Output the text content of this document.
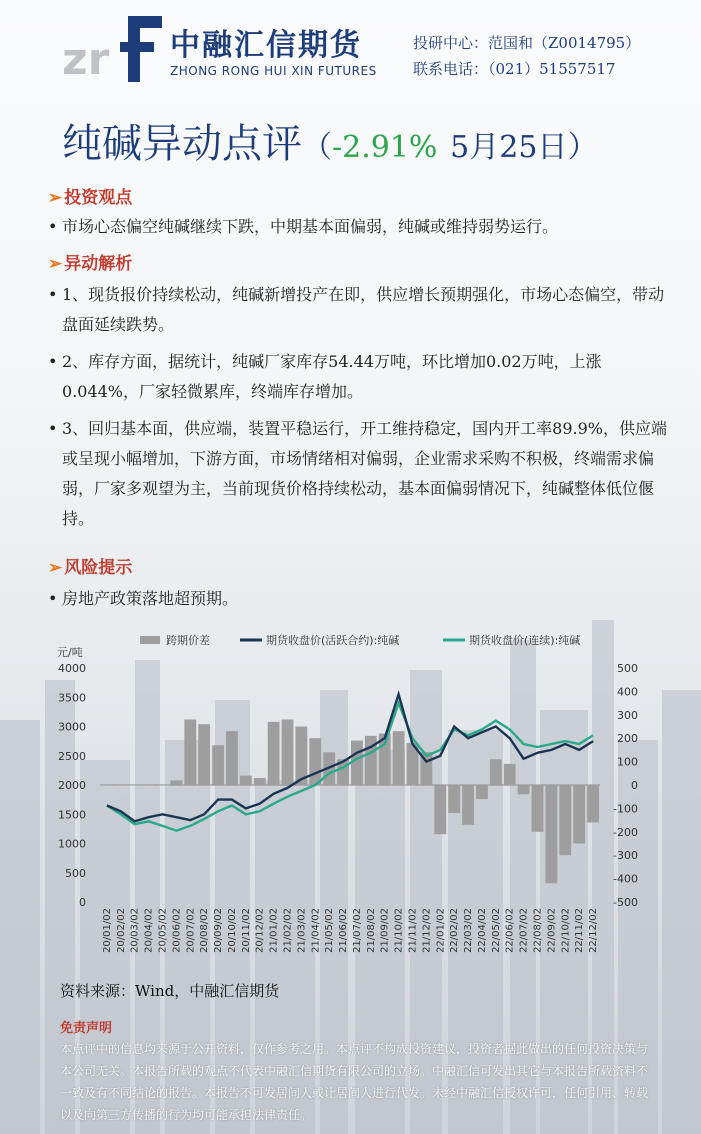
zr 中融汇信期货
ZHONG RONG HUI XIN FUTURES
投研中心：范国和（Z0014795）
联系电话：（021）51557517
纯碱异动点评（-2.91% 5月25日）
➢ 投资观点
• 市场心态偏空纯碱继续下跌，中期基本面偏弱，纯碱或维持弱势运行。
➢ 异动解析
• 1、现货报价持续松动，纯碱新增投产在即，供应增长预期强化，市场心态偏空，带动盘面延续跌势。
• 2、库存方面，据统计，纯碱厂家库存54.44万吨，环比增加0.02万吨，上涨0.044%，厂家轻微累库，终端库存增加。
• 3、回归基本面，供应端，装置平稳运行，开工维持稳定，国内开工率89.9%，供应端或呈现小幅增加，下游方面，市场情绪相对偏弱，企业需求采购不积极，终端需求偏弱，厂家多观望为主，当前现货价格持续松动，基本面偏弱情况下，纯碱整体低位偃持。
➢ 风险提示
• 房地产政策落地超预期。
元/吨
0
500
1000
1500
2000
2500
3000
3500
4000	500
400
300
200
100
0
-100
-200
-300
-400
-500
20/01/02 20/02/02 20/03/02 20/04/02 20/05/02 20/06/02 20/07/02 20/08/02 20/09/02 20/10/02 20/11/02 20/12/02 21/01/02 21/02/02 21/03/02 21/04/02 21/05/02 21/06/02 21/07/02 21/08/02 21/09/02 21/10/02 21/11/02 21/12/02 22/01/02 22/02/02 22/03/02 22/04/02 22/05/02 22/06/02 22/07/02 22/08/02 22/09/02 22/10/02 22/11/02 22/12/02
跨期价差	期货收盘价(活跃合约):纯碱	期货收盘价(连续):纯碱
资料来源：Wind，中融汇信期货
免责声明
本点评中的信息均来源于公开资料，仅作参考之用。本点评不构成投资建议，投资者据此做出的任何投资决策与本公司无关。本报告所载的观点不代表中融汇信期货有限公司的立场。中融汇信可发出其它与本报告所载资料不一致及有不同结论的报告。本报告不可发居间人或让居间人进行代发。未经中融汇信授权许可，任何引用、转载以及向第三方传播的行为均可能承担法律责任。
